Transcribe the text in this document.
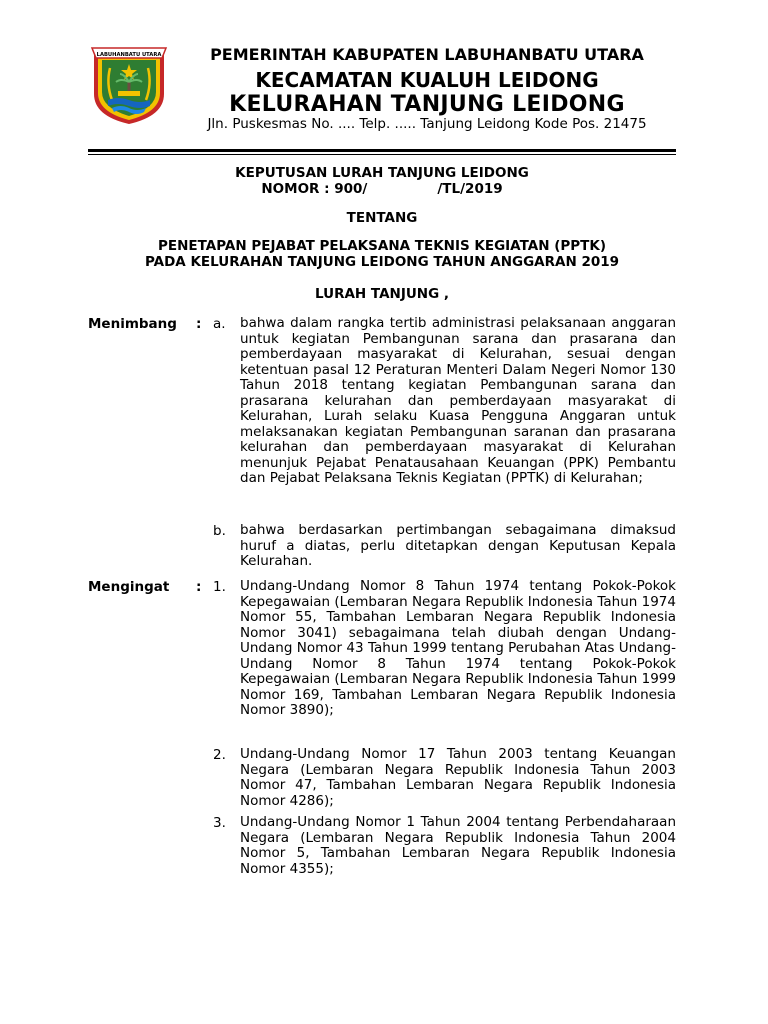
LABUHANBATU UTARA	PEMERINTAH KABUPATEN LABUHANBATU UTARA
KECAMATAN KUALUH LEIDONG
KELURAHAN TANJUNG LEIDONG
Jln. Puskesmas No. .... Telp. ..... Tanjung Leidong Kode Pos. 21475
KEPUTUSAN LURAH TANJUNG LEIDONG
NOMOR : 900/	/TL/2019
TENTANG
PENETAPAN PEJABAT PELAKSANA TEKNIS KEGIATAN (PPTK)
PADA KELURAHAN TANJUNG LEIDONG TAHUN ANGGARAN 2019
LURAH TANJUNG ,
Menimbang : a.	bahwa dalam rangka tertib administrasi pelaksanaan anggaran untuk kegiatan Pembangunan sarana dan prasarana dan pemberdayaan masyarakat di Kelurahan, sesuai dengan ketentuan pasal 12 Peraturan Menteri Dalam Negeri Nomor 130 Tahun 2018 tentang kegiatan Pembangunan sarana dan prasarana kelurahan dan pemberdayaan masyarakat di Kelurahan, Lurah selaku Kuasa Pengguna Anggaran untuk melaksanakan kegiatan Pembangunan saranan dan prasarana kelurahan dan pemberdayaan masyarakat di Kelurahan menunjuk Pejabat Penatausahaan Keuangan (PPK) Pembantu dan Pejabat Pelaksana Teknis Kegiatan (PPTK) di Kelurahan;
b.	bahwa berdasarkan pertimbangan sebagaimana dimaksud huruf a diatas, perlu ditetapkan dengan Keputusan Kepala Kelurahan.
Mengingat : 1.	Undang-Undang Nomor 8 Tahun 1974 tentang Pokok-Pokok Kepegawaian (Lembaran Negara Republik Indonesia Tahun 1974 Nomor 55, Tambahan Lembaran Negara Republik Indonesia Nomor 3041) sebagaimana telah diubah dengan Undang-Undang Nomor 43 Tahun 1999 tentang Perubahan Atas Undang-Undang Nomor 8 Tahun 1974 tentang Pokok-Pokok Kepegawaian (Lembaran Negara Republik Indonesia Tahun 1999 Nomor 169, Tambahan Lembaran Negara Republik Indonesia Nomor 3890);
2.	Undang-Undang Nomor 17 Tahun 2003 tentang Keuangan Negara (Lembaran Negara Republik Indonesia Tahun 2003 Nomor 47, Tambahan Lembaran Negara Republik Indonesia Nomor 4286);
3.	Undang-Undang Nomor 1 Tahun 2004 tentang Perbendaharaan Negara (Lembaran Negara Republik Indonesia Tahun 2004 Nomor 5, Tambahan Lembaran Negara Republik Indonesia Nomor 4355);
